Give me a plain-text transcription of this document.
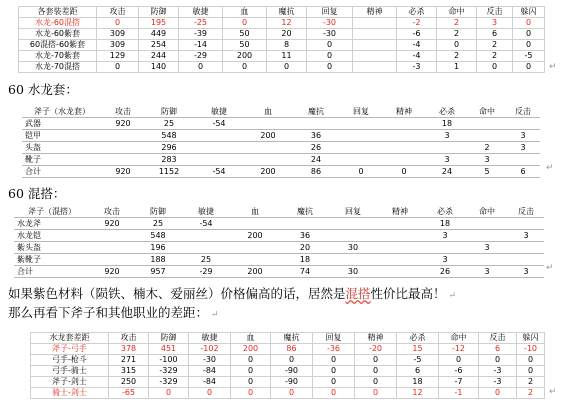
各套装差距	攻击	防御	敏捷	血	魔抗	回复	精神	必杀	命中	反击	躲闪
水龙-60混搭	0	195	-25	0	12	-30		-2	2	3	0
水龙-60紫套	309	449	-39	50	20	-30		-6	2	6	0
60混搭-60紫套	309	254	-14	50	8	0		-4	0	2	0
水龙-70紫套	129	244	-29	200	11	0		-4	2	2	-5
水龙-70混搭	0	140	0	0	0	0		-3	1	0	0 ↵
60 水龙套：
斧子（水龙套）	攻击	防御	敏捷	血	魔抗	回复	精神	必杀	命中	反击
武器	920	25	-54					18		
铠甲		548		200	36			3		3
头盔		296			26				2	3
靴子		283			24			3	3	
合计	920	1152	-54	200	86	0	0	24	5	6 ↵
60 混搭：
斧子（混搭）	攻击	防御	敏捷	血	魔抗	回复	精神	必杀	命中	反击
水龙斧	920	25	-54					18		
水龙铠		548		200	36			3		3
紫头盔		196			20	30			3	
紫靴子		188	25		18			3		
合计	920	957	-29	200	74	30		26	3	3 ↵
如果紫色材料（陨铁、楠木、爱丽丝）价格偏高的话，居然是混搭性价比最高！ ↵
那么再看下斧子和其他职业的差距： ↵
水龙套差距	攻击	防御	敏捷	血	魔抗	回复	精神	必杀	命中	反击	躲闪
斧子-弓手	378	451	-102	200	86	-36	-20	15	-12	6	-10
弓手-枪斗	271	-100	-30	0	0	0	0	-5	0	0	0
弓手-骑士	315	-329	-84	0	-90	0	0	6	-6	-3	0
斧子-剑士	250	-329	-84	0	-90	0	0	18	-7	-3	2
骑士-剑士	-65	0	0	0	0	0	0	12	-1	0	2 ↵
